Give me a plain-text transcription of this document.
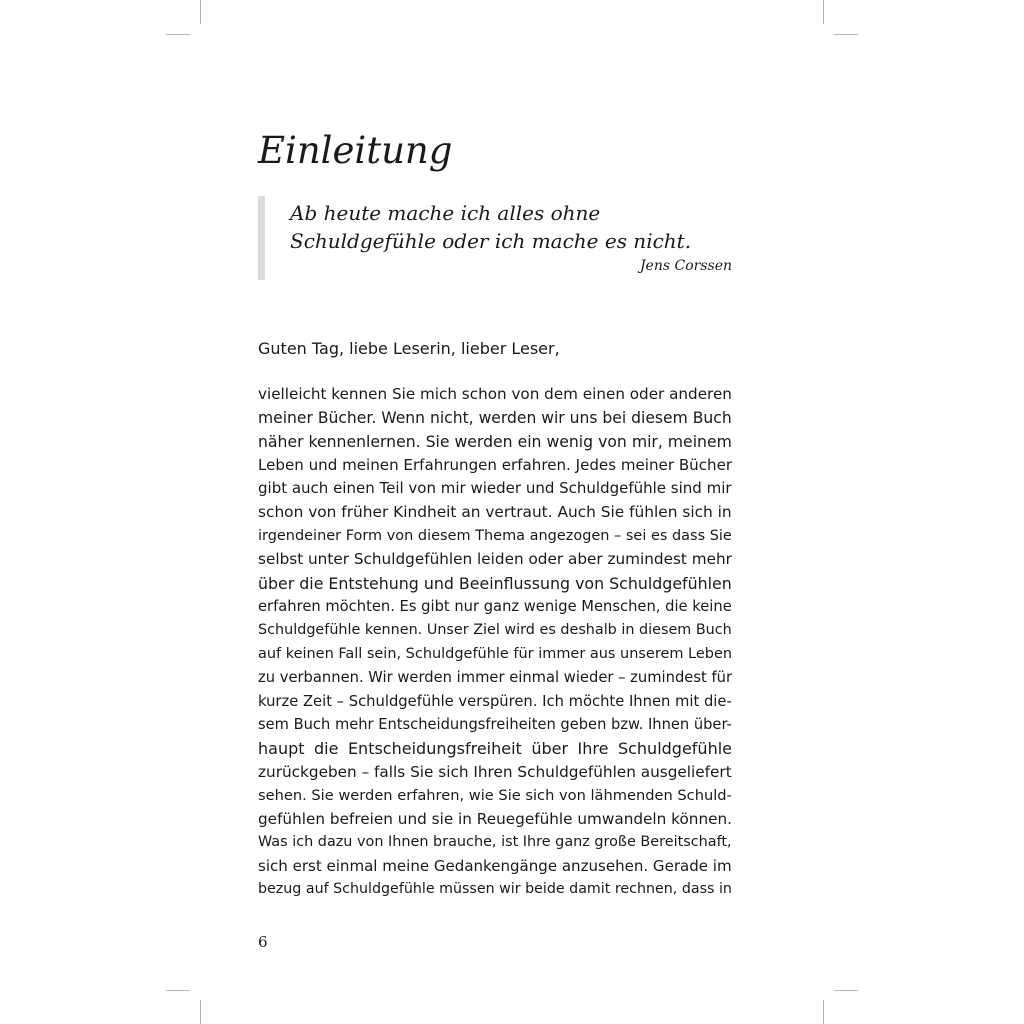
Einleitung

Ab heute mache ich alles ohne
Schuldgefühle oder ich mache es nicht.

Jens Corssen

Guten Tag, liebe Leserin, lieber Leser,

vielleicht kennen Sie mich schon von dem einen oder anderen
meiner Bücher. Wenn nicht, werden wir uns bei diesem Buch
näher kennenlernen. Sie werden ein wenig von mir, meinem
Leben und meinen Erfahrungen erfahren. Jedes meiner Bücher
gibt auch einen Teil von mir wieder und Schuldgefühle sind mir
schon von früher Kindheit an vertraut. Auch Sie fühlen sich in
irgendeiner Form von diesem Thema angezogen – sei es dass Sie
selbst unter Schuldgefühlen leiden oder aber zumindest mehr
über die Entstehung und Beeinflussung von Schuldgefühlen
erfahren möchten. Es gibt nur ganz wenige Menschen, die keine
Schuldgefühle kennen. Unser Ziel wird es deshalb in diesem Buch
auf keinen Fall sein, Schuldgefühle für immer aus unserem Leben
zu verbannen. Wir werden immer einmal wieder – zumindest für
kurze Zeit – Schuldgefühle verspüren. Ich möchte Ihnen mit die-
sem Buch mehr Entscheidungsfreiheiten geben bzw. Ihnen über-
haupt die Entscheidungsfreiheit über Ihre Schuldgefühle
zurückgeben – falls Sie sich Ihren Schuldgefühlen ausgeliefert
sehen. Sie werden erfahren, wie Sie sich von lähmenden Schuld-
gefühlen befreien und sie in Reuegefühle umwandeln können.
Was ich dazu von Ihnen brauche, ist Ihre ganz große Bereitschaft,
sich erst einmal meine Gedankengänge anzusehen. Gerade im
bezug auf Schuldgefühle müssen wir beide damit rechnen, dass in
6
